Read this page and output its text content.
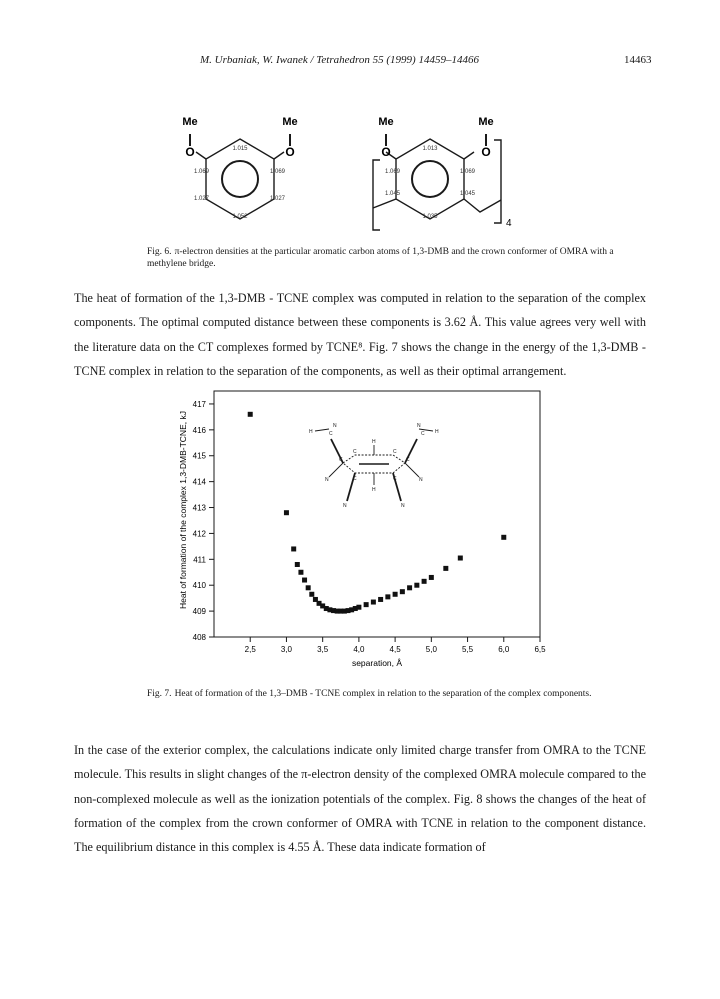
M. Urbaniak, W. Iwanek / Tetrahedron 55 (1999) 14459–14466	14463
Me	Me
O	O
1.015
1.069	1.069
1.027	1.027
1.052
Me	Me
O	O
1.013
1.069	1.069
1.045	1.045
1.035
4
Fig. 6. π-electron densities at the particular aromatic carbon atoms of 1,3-DMB and the crown conformer of OMRA with a methylene bridge.

The heat of formation of the 1,3-DMB - TCNE complex was computed in relation to the separation of the complex components. The optimal computed distance between these components is 3.62 Å. This value agrees very well with the literature data on the CT complexes formed by TCNE⁸. Fig. 7 shows the change in the energy of the 1,3-DMB - TCNE complex in relation to the separation of the components, as well as their optimal arrangement.

408
409
410
411
412
413
414
415
416
417
2,5	3,0	3,5	4,0	4,5	5,0	5,5	6,0	6,5
Heat of formation of the complex 1,3-DMB-TCNE, kJ
separation, Å
N
C
N
C
H	H
C
C	C
C
C	C
N	N
N	N
H
H
Fig. 7. Heat of formation of the 1,3–DMB - TCNE complex in relation to the separation of the complex components.

In the case of the exterior complex, the calculations indicate only limited charge transfer from OMRA to the TCNE molecule. This results in slight changes of the π-electron density of the complexed OMRA molecule compared to the non-complexed molecule as well as the ionization potentials of the complex. Fig. 8 shows the changes of the heat of formation of the complex from the crown conformer of OMRA with TCNE in relation to the component distance. The equilibrium distance in this complex is 4.55 Å. These data indicate formation of
